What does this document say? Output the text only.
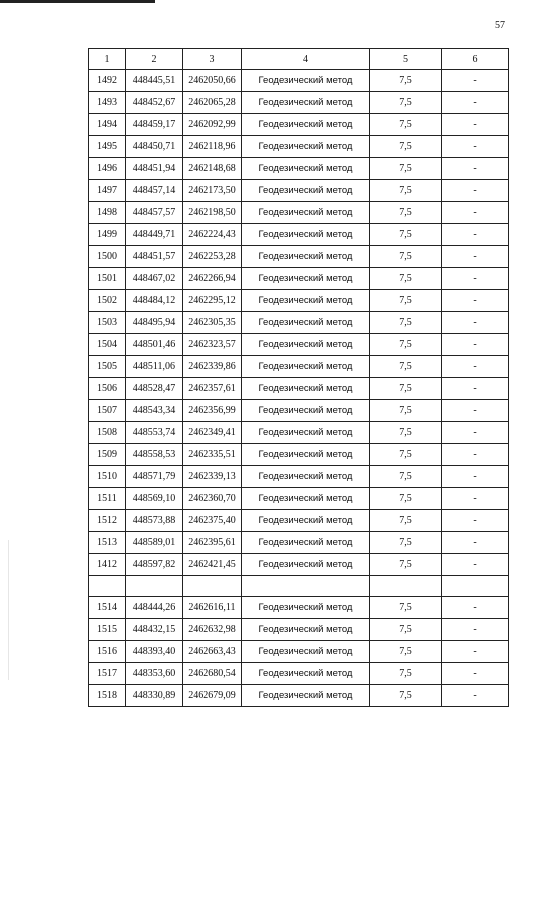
57
1	2	3	4	5	6
1492	448445,51	2462050,66	Геодезический метод	7,5	-
1493	448452,67	2462065,28	Геодезический метод	7,5	-
1494	448459,17	2462092,99	Геодезический метод	7,5	-
1495	448450,71	2462118,96	Геодезический метод	7,5	-
1496	448451,94	2462148,68	Геодезический метод	7,5	-
1497	448457,14	2462173,50	Геодезический метод	7,5	-
1498	448457,57	2462198,50	Геодезический метод	7,5	-
1499	448449,71	2462224,43	Геодезический метод	7,5	-
1500	448451,57	2462253,28	Геодезический метод	7,5	-
1501	448467,02	2462266,94	Геодезический метод	7,5	-
1502	448484,12	2462295,12	Геодезический метод	7,5	-
1503	448495,94	2462305,35	Геодезический метод	7,5	-
1504	448501,46	2462323,57	Геодезический метод	7,5	-
1505	448511,06	2462339,86	Геодезический метод	7,5	-
1506	448528,47	2462357,61	Геодезический метод	7,5	-
1507	448543,34	2462356,99	Геодезический метод	7,5	-
1508	448553,74	2462349,41	Геодезический метод	7,5	-
1509	448558,53	2462335,51	Геодезический метод	7,5	-
1510	448571,79	2462339,13	Геодезический метод	7,5	-
1511	448569,10	2462360,70	Геодезический метод	7,5	-
1512	448573,88	2462375,40	Геодезический метод	7,5	-
1513	448589,01	2462395,61	Геодезический метод	7,5	-
1412	448597,82	2462421,45	Геодезический метод	7,5	-

1514	448444,26	2462616,11	Геодезический метод	7,5	-
1515	448432,15	2462632,98	Геодезический метод	7,5	-
1516	448393,40	2462663,43	Геодезический метод	7,5	-
1517	448353,60	2462680,54	Геодезический метод	7,5	-
1518	448330,89	2462679,09	Геодезический метод	7,5	-
